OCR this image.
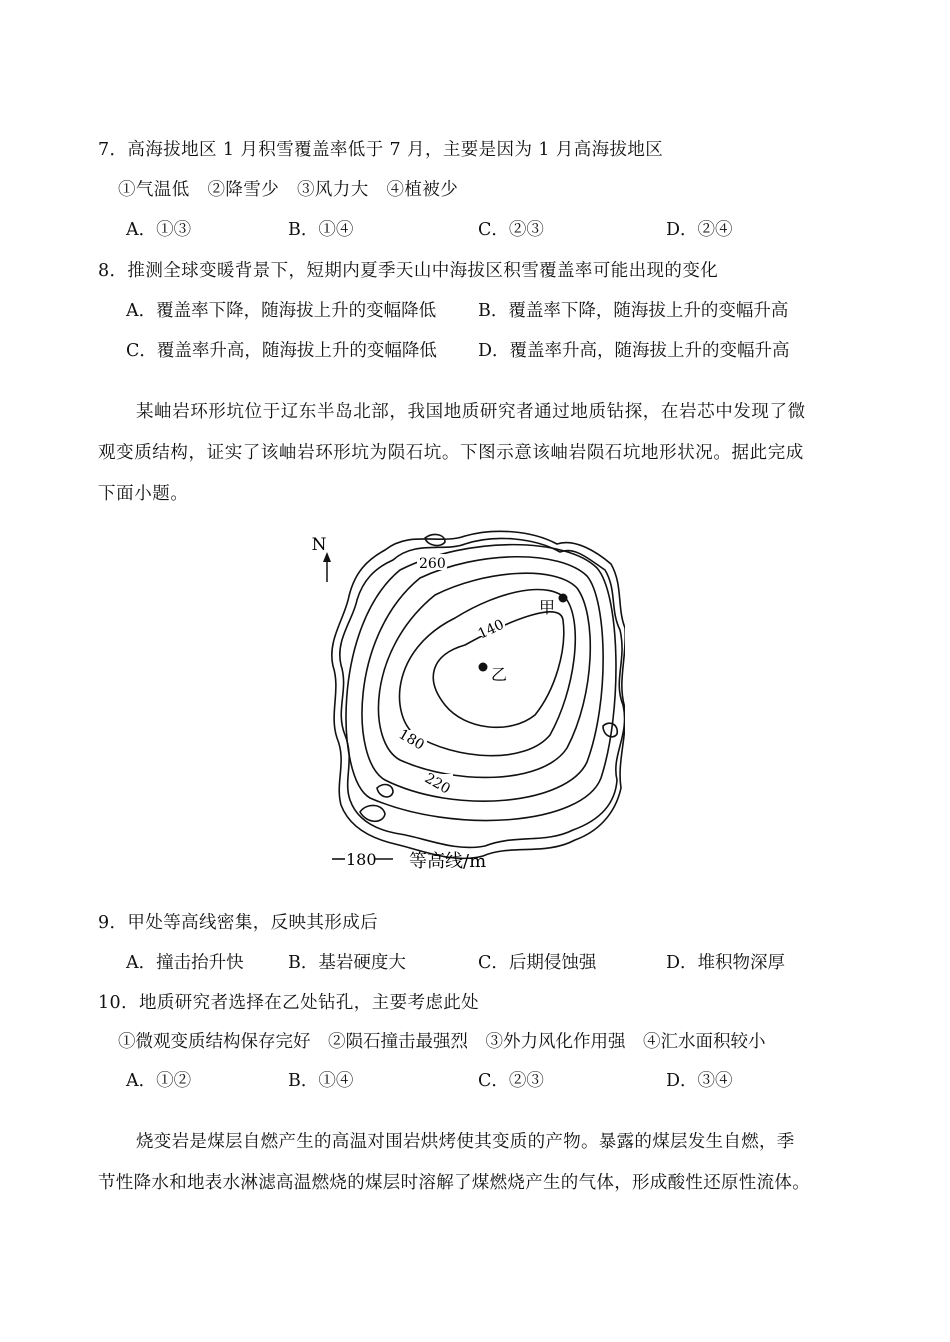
7．高海拔地区 1 月积雪覆盖率低于 7 月，主要是因为 1 月高海拔地区
①气温低　②降雪少　③风力大　④植被少
A．①③	B．①④	C．②③	D．②④
8．推测全球变暖背景下，短期内夏季天山中海拔区积雪覆盖率可能出现的变化
A．覆盖率下降，随海拔上升的变幅降低 B．覆盖率下降，随海拔上升的变幅升高
C．覆盖率升高，随海拔上升的变幅降低 D．覆盖率升高，随海拔上升的变幅升高

某岫岩环形坑位于辽东半岛北部，我国地质研究者通过地质钻探，在岩芯中发现了微

观变质结构，证实了该岫岩环形坑为陨石坑。下图示意该岫岩陨石坑地形状况。据此完成

下面小题。

N
甲
乙
260
140
180
220
180 等高线/m
9．甲处等高线密集，反映其形成后
A．撞击抬升快	B．基岩硬度大	C．后期侵蚀强	D．堆积物深厚
10．地质研究者选择在乙处钻孔，主要考虑此处
①微观变质结构保存完好　②陨石撞击最强烈　③外力风化作用强　④汇水面积较小
A．①②	B．①④	C．②③	D．③④

烧变岩是煤层自燃产生的高温对围岩烘烤使其变质的产物。暴露的煤层发生自燃，季

节性降水和地表水淋滤高温燃烧的煤层时溶解了煤燃烧产生的气体，形成酸性还原性流体。
